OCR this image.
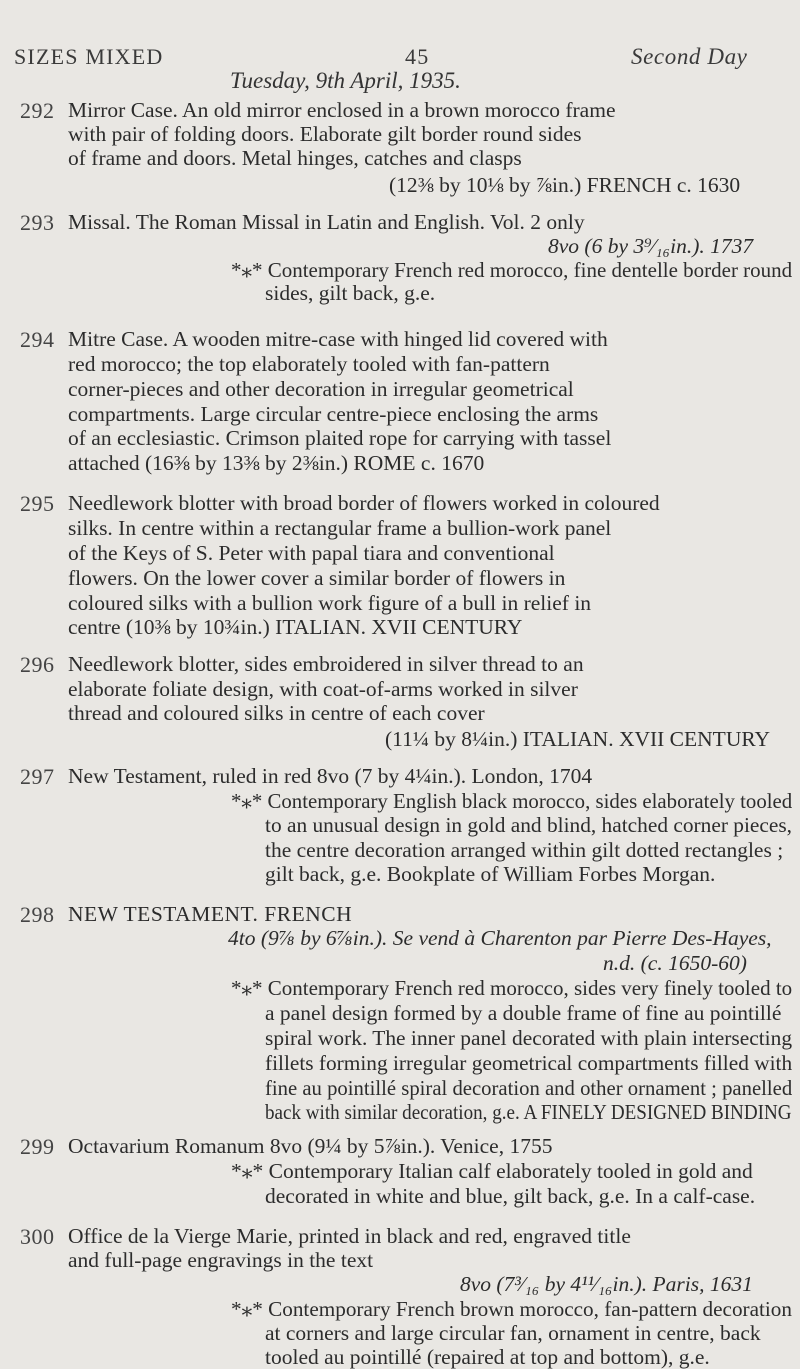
SIZES MIXED	45	Second Day
Tuesday, 9th April, 1935.
292 Mirror Case. An old mirror enclosed in a brown morocco frame
with pair of folding doors. Elaborate gilt border round sides
of frame and doors. Metal hinges, catches and clasps
(12⅜ by 10⅛ by ⅞in.) FRENCH c. 1630
293 Missal. The Roman Missal in Latin and English. Vol. 2 only
8vo (6 by 3⁹⁄₁₆in.). 1737
*⁎* Contemporary French red morocco, fine dentelle border round
sides, gilt back, g.e.
294 Mitre Case. A wooden mitre-case with hinged lid covered with
red morocco; the top elaborately tooled with fan-pattern
corner-pieces and other decoration in irregular geometrical
compartments. Large circular centre-piece enclosing the arms
of an ecclesiastic. Crimson plaited rope for carrying with tassel
attached (16⅜ by 13⅜ by 2⅜in.) ROME c. 1670
295 Needlework blotter with broad border of flowers worked in coloured
silks. In centre within a rectangular frame a bullion-work panel
of the Keys of S. Peter with papal tiara and conventional
flowers. On the lower cover a similar border of flowers in
coloured silks with a bullion work figure of a bull in relief in
centre (10⅜ by 10¾in.) ITALIAN. XVII CENTURY
296 Needlework blotter, sides embroidered in silver thread to an
elaborate foliate design, with coat-of-arms worked in silver
thread and coloured silks in centre of each cover
(11¼ by 8¼in.) ITALIAN. XVII CENTURY
297 New Testament, ruled in red 8vo (7 by 4¼in.). London, 1704
*⁎* Contemporary English black morocco, sides elaborately tooled
to an unusual design in gold and blind, hatched corner pieces,
the centre decoration arranged within gilt dotted rectangles ;
gilt back, g.e. Bookplate of William Forbes Morgan.
298 NEW TESTAMENT. FRENCH
4to (9⅞ by 6⅞in.). Se vend à Charenton par Pierre Des-Hayes,
n.d. (c. 1650-60)
*⁎* Contemporary French red morocco, sides very finely tooled to
a panel design formed by a double frame of fine au pointillé
spiral work. The inner panel decorated with plain intersecting
fillets forming irregular geometrical compartments filled with
fine au pointillé spiral decoration and other ornament ; panelled
back with similar decoration, g.e. A FINELY DESIGNED BINDING
299 Octavarium Romanum 8vo (9¼ by 5⅞in.). Venice, 1755
*⁎* Contemporary Italian calf elaborately tooled in gold and
decorated in white and blue, gilt back, g.e. In a calf-case.
300 Office de la Vierge Marie, printed in black and red, engraved title
and full-page engravings in the text
8vo (7³⁄₁₆ by 4¹¹⁄₁₆in.). Paris, 1631
*⁎* Contemporary French brown morocco, fan-pattern decoration
at corners and large circular fan, ornament in centre, back
tooled au pointillé (repaired at top and bottom), g.e.
